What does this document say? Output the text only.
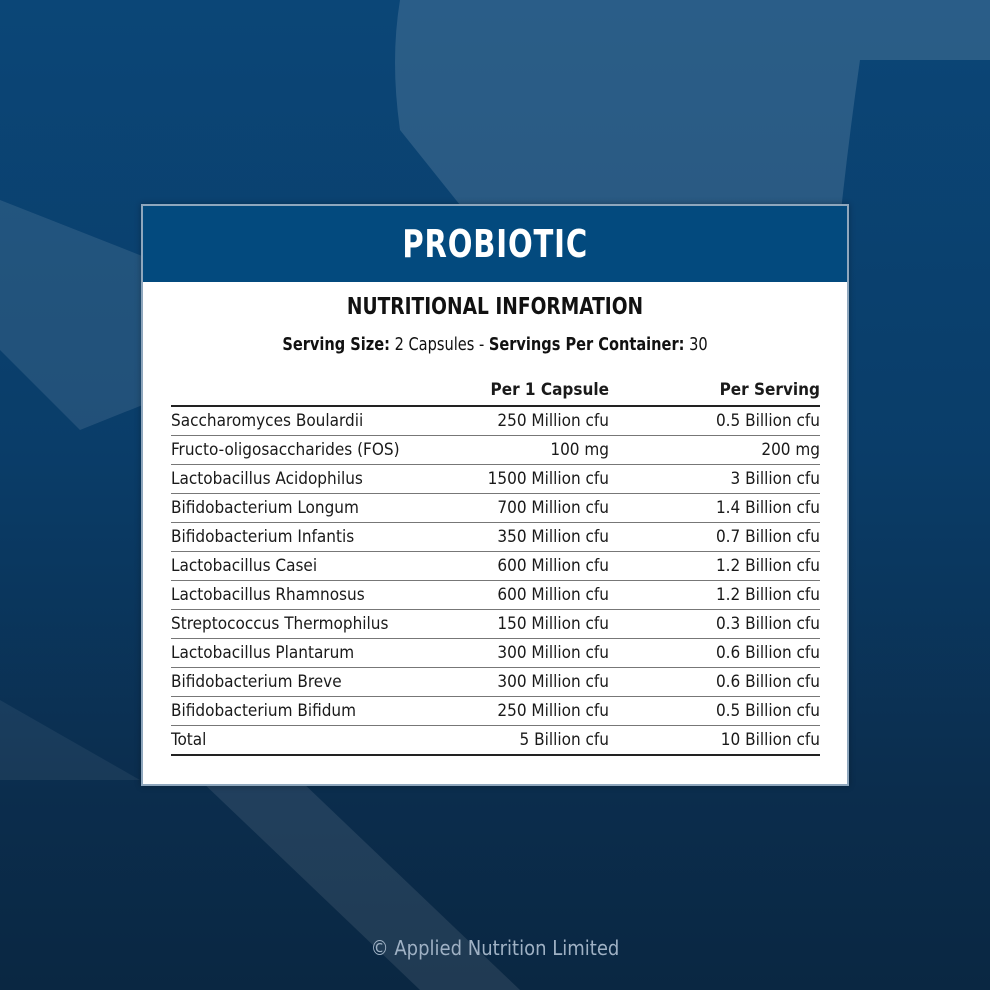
PROBIOTIC
NUTRITIONAL INFORMATION
Serving Size: 2 Capsules - Servings Per Container: 30
	Per 1 Capsule	Per Serving
Saccharomyces Boulardii	250 Million cfu	0.5 Billion cfu
Fructo-oligosaccharides (FOS)	100 mg	200 mg
Lactobacillus Acidophilus	1500 Million cfu	3 Billion cfu
Bifidobacterium Longum	700 Million cfu	1.4 Billion cfu
Bifidobacterium Infantis	350 Million cfu	0.7 Billion cfu
Lactobacillus Casei	600 Million cfu	1.2 Billion cfu
Lactobacillus Rhamnosus	600 Million cfu	1.2 Billion cfu
Streptococcus Thermophilus	150 Million cfu	0.3 Billion cfu
Lactobacillus Plantarum	300 Million cfu	0.6 Billion cfu
Bifidobacterium Breve	300 Million cfu	0.6 Billion cfu
Bifidobacterium Bifidum	250 Million cfu	0.5 Billion cfu
Total	5 Billion cfu	10 Billion cfu
© Applied Nutrition Limited
